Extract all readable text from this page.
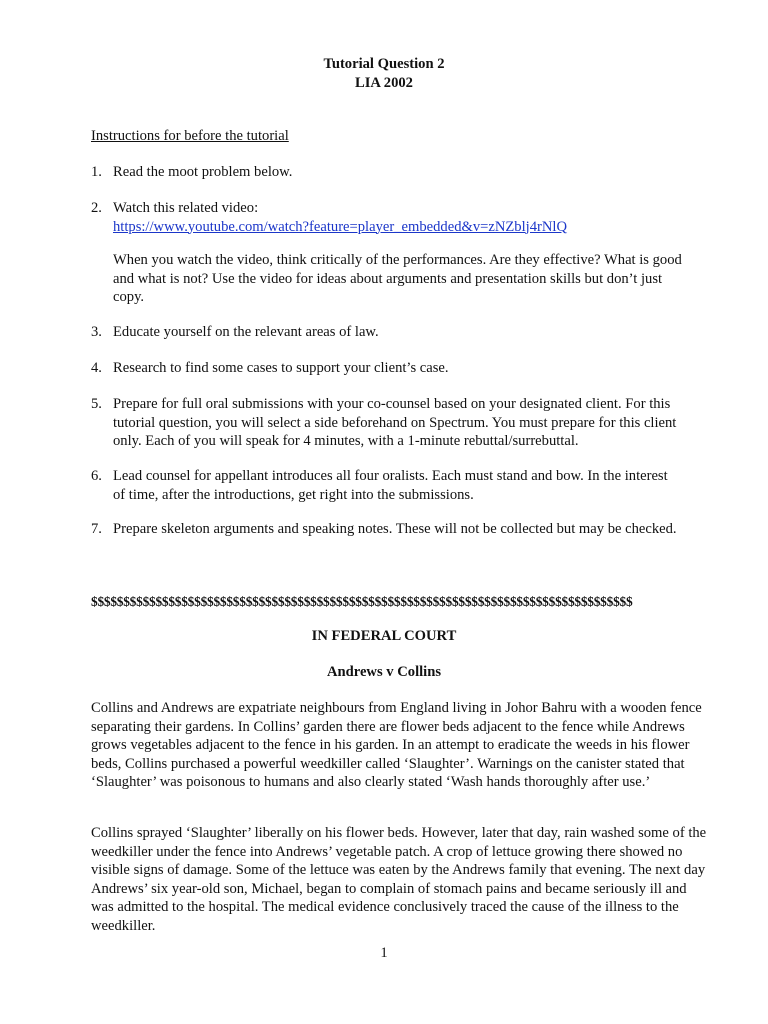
Tutorial Question 2
LIA 2002
Instructions for before the tutorial
1. Read the moot problem below.
2. Watch this related video:
https://www.youtube.com/watch?feature=player_embedded&v=zNZblj4rNlQ
When you watch the video, think critically of the performances. Are they effective? What is good and what is not? Use the video for ideas about arguments and presentation skills but don’t just copy.
3. Educate yourself on the relevant areas of law.
4. Research to find some cases to support your client’s case.
5. Prepare for full oral submissions with your co-counsel based on your designated client. For this tutorial question, you will select a side beforehand on Spectrum. You must prepare for this client only. Each of you will speak for 4 minutes, with a 1-minute rebuttal/surrebuttal.
6. Lead counsel for appellant introduces all four oralists. Each must stand and bow. In the interest of time, after the introductions, get right into the submissions.
7. Prepare skeleton arguments and speaking notes. These will not be collected but may be checked.
$$$$$$$$$$$$$$$$$$$$$$$$$$$$$$$$$$$$$$$$$$$$$$$$$$$$$$$$$$$$$$$$$$$$$$$$$$$$$$$$$$$$
IN FEDERAL COURT
Andrews v Collins
Collins and Andrews are expatriate neighbours from England living in Johor Bahru with a wooden fence separating their gardens. In Collins’ garden there are flower beds adjacent to the fence while Andrews grows vegetables adjacent to the fence in his garden. In an attempt to eradicate the weeds in his flower beds, Collins purchased a powerful weedkiller called ‘Slaughter’. Warnings on the canister stated that ‘Slaughter’ was poisonous to humans and also clearly stated ‘Wash hands thoroughly after use.’
Collins sprayed ‘Slaughter’ liberally on his flower beds. However, later that day, rain washed some of the weedkiller under the fence into Andrews’ vegetable patch. A crop of lettuce growing there showed no visible signs of damage. Some of the lettuce was eaten by the Andrews family that evening. The next day Andrews’ six year-old son, Michael, began to complain of stomach pains and became seriously ill and was admitted to the hospital. The medical evidence conclusively traced the cause of the illness to the weedkiller.
1
